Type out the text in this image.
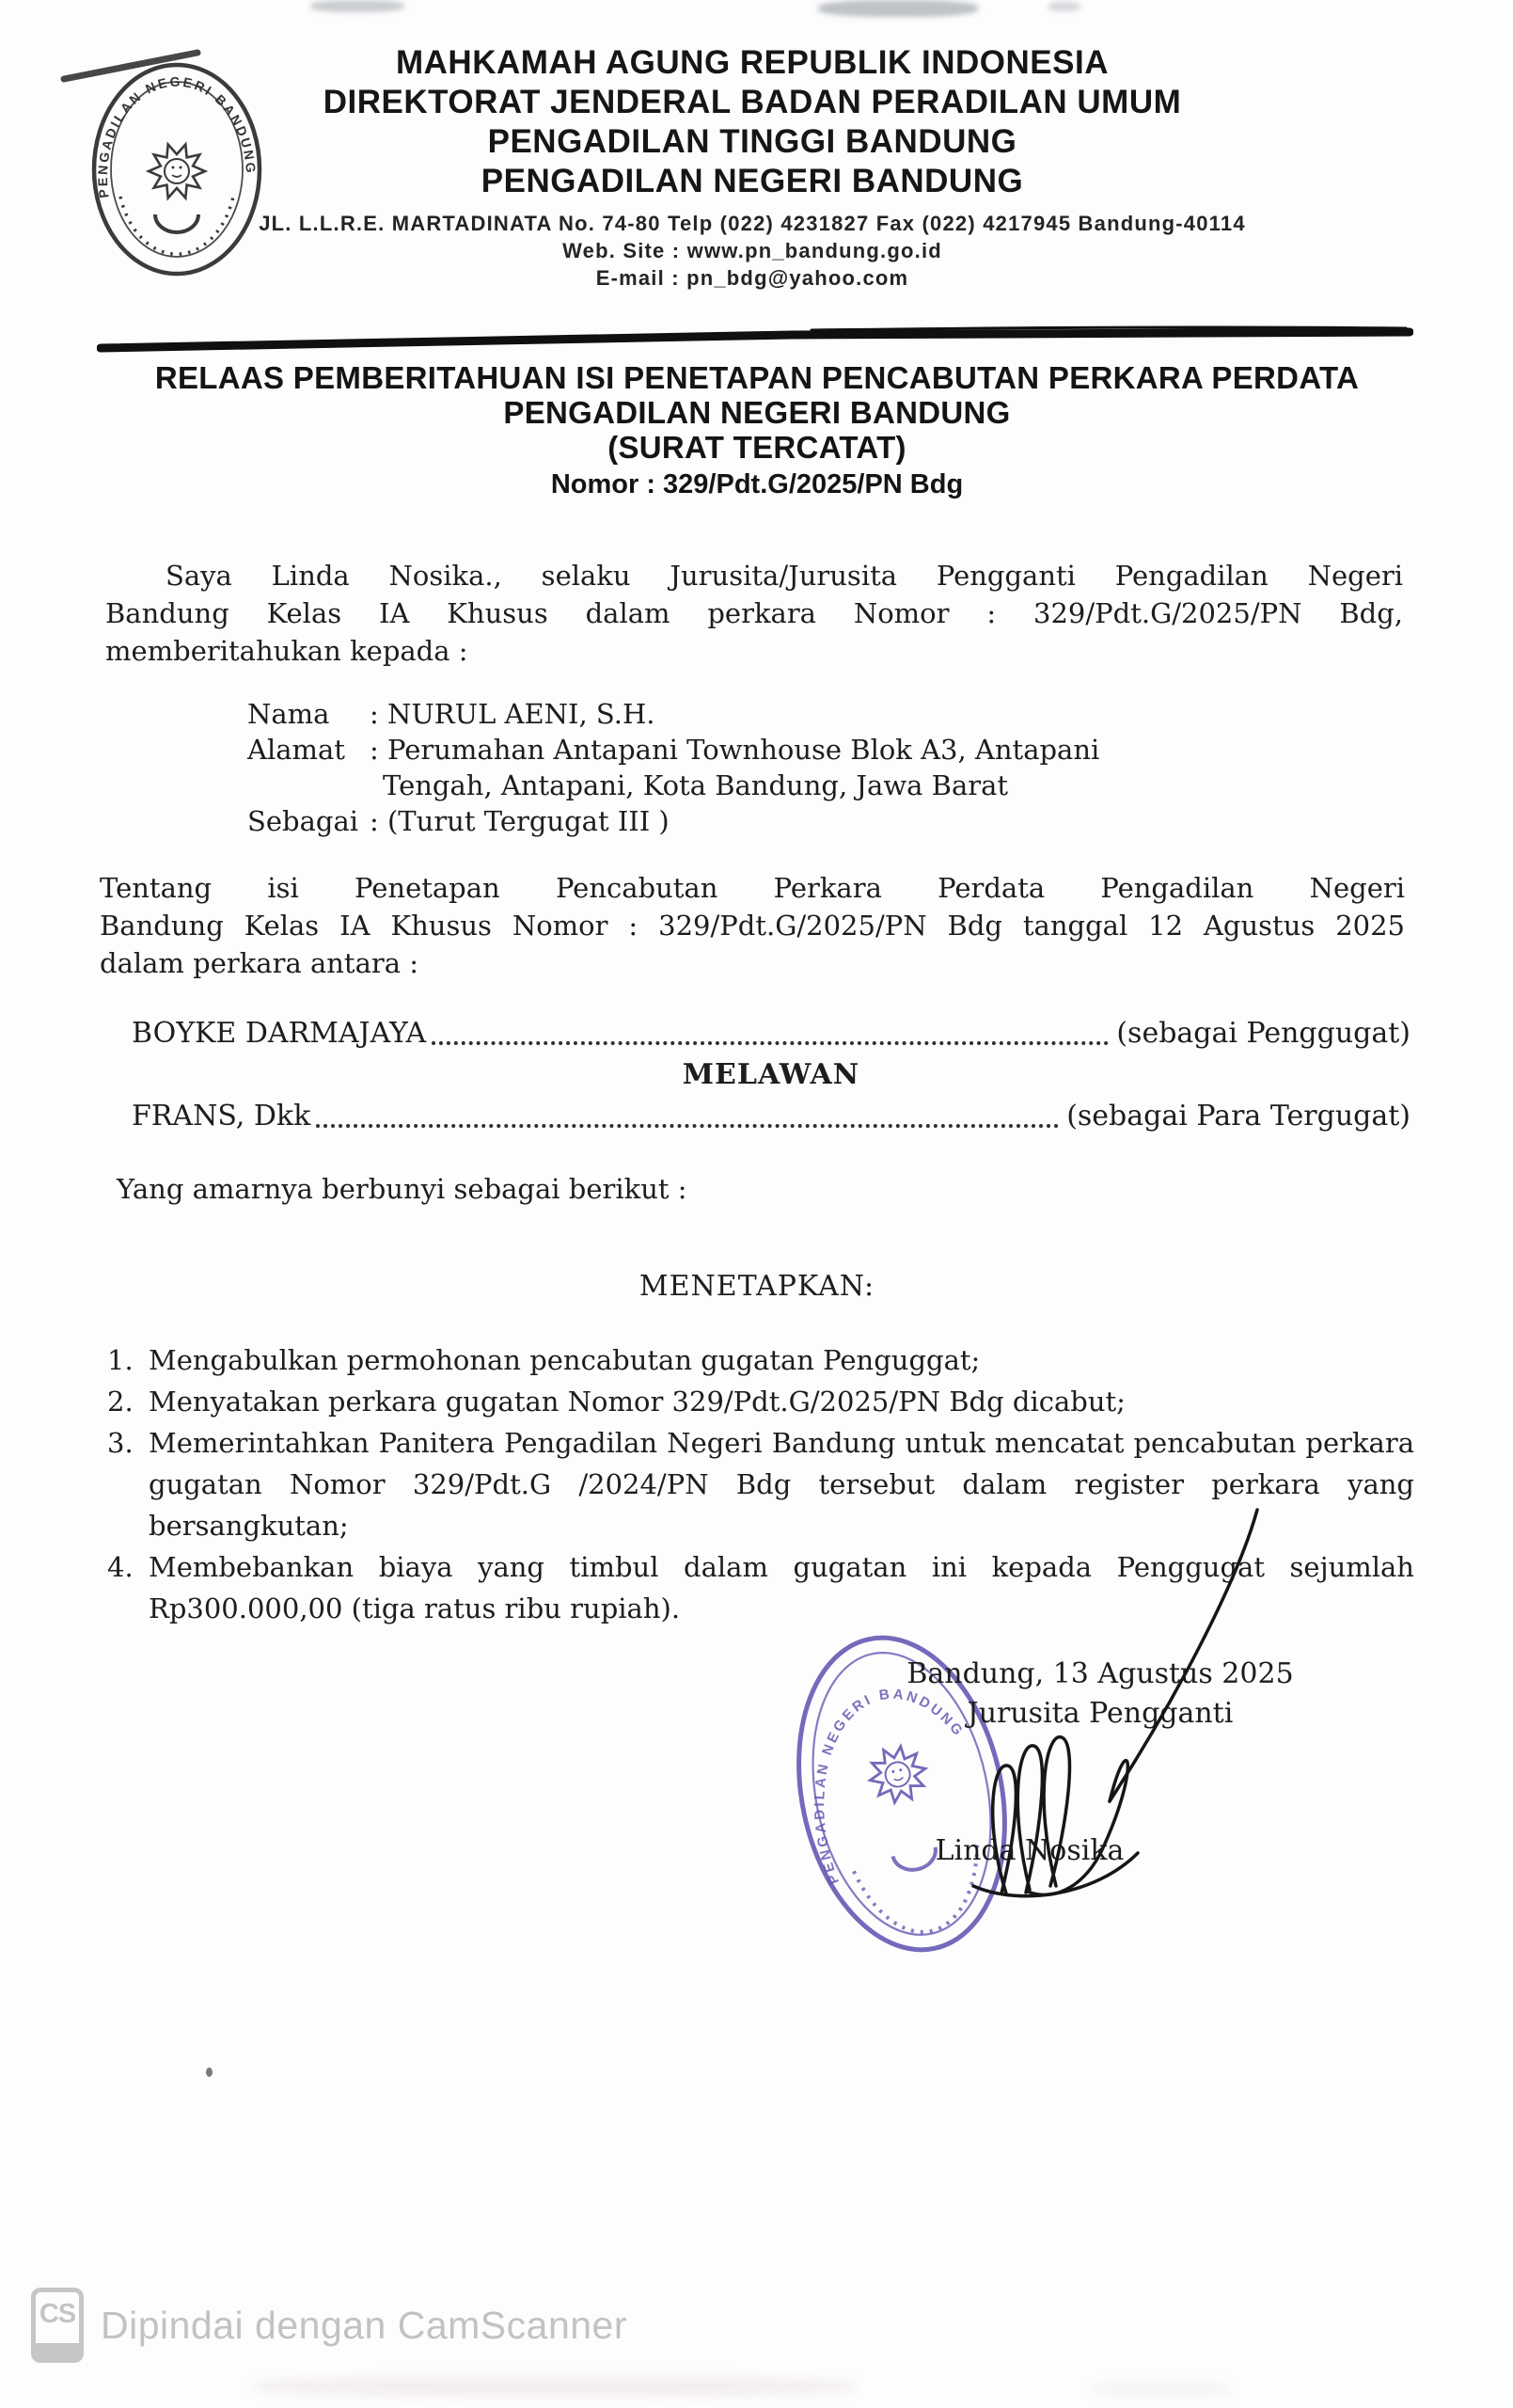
PENGADILAN NEGERI BANDUNG
MAHKAMAH AGUNG REPUBLIK INDONESIA
DIREKTORAT JENDERAL BADAN PERADILAN UMUM
PENGADILAN TINGGI BANDUNG
PENGADILAN NEGERI BANDUNG
JL. L.L.R.E. MARTADINATA No. 74-80 Telp (022) 4231827 Fax (022) 4217945 Bandung-40114
Web. Site : www.pn_bandung.go.id
E-mail : pn_bdg@yahoo.com
RELAAS PEMBERITAHUAN ISI PENETAPAN PENCABUTAN PERKARA PERDATA
PENGADILAN NEGERI BANDUNG
(SURAT TERCATAT)
Nomor : 329/Pdt.G/2025/PN Bdg
Saya Linda Nosika., selaku Jurusita/Jurusita Pengganti Pengadilan Negeri
Bandung Kelas IA Khusus dalam perkara Nomor : 329/Pdt.G/2025/PN Bdg,
memberitahukan kepada :
Nama	: NURUL AENI, S.H.
Alamat : Perumahan Antapani Townhouse Blok A3, Antapani
Tengah, Antapani, Kota Bandung, Jawa Barat
Sebagai : (Turut Tergugat III )
Tentang isi Penetapan Pencabutan Perkara Perdata Pengadilan Negeri
Bandung Kelas IA Khusus Nomor : 329/Pdt.G/2025/PN Bdg tanggal 12 Agustus 2025
dalam perkara antara :
BOYKE DARMAJAYA	(sebagai Penggugat)
MELAWAN
FRANS, Dkk	(sebagai Para Tergugat)
Yang amarnya berbunyi sebagai berikut :
MENETAPKAN:
Mengabulkan permohonan pencabutan gugatan Penguggat;
Menyatakan perkara gugatan Nomor 329/Pdt.G/2025/PN Bdg dicabut;
Memerintahkan Panitera Pengadilan Negeri Bandung untuk mencatat pencabutan perkara gugatan Nomor 329/Pdt.G /2024/PN Bdg tersebut dalam register perkara yang bersangkutan;
Membebankan biaya yang timbul dalam gugatan ini kepada Penggugat sejumlah Rp300.000,00 (tiga ratus ribu rupiah).
PENGADILAN NEGERI BANDUNG
Bandung, 13 Agustus 2025
Jurusita Pengganti
Linda Nosika
CS Dipindai dengan CamScanner
